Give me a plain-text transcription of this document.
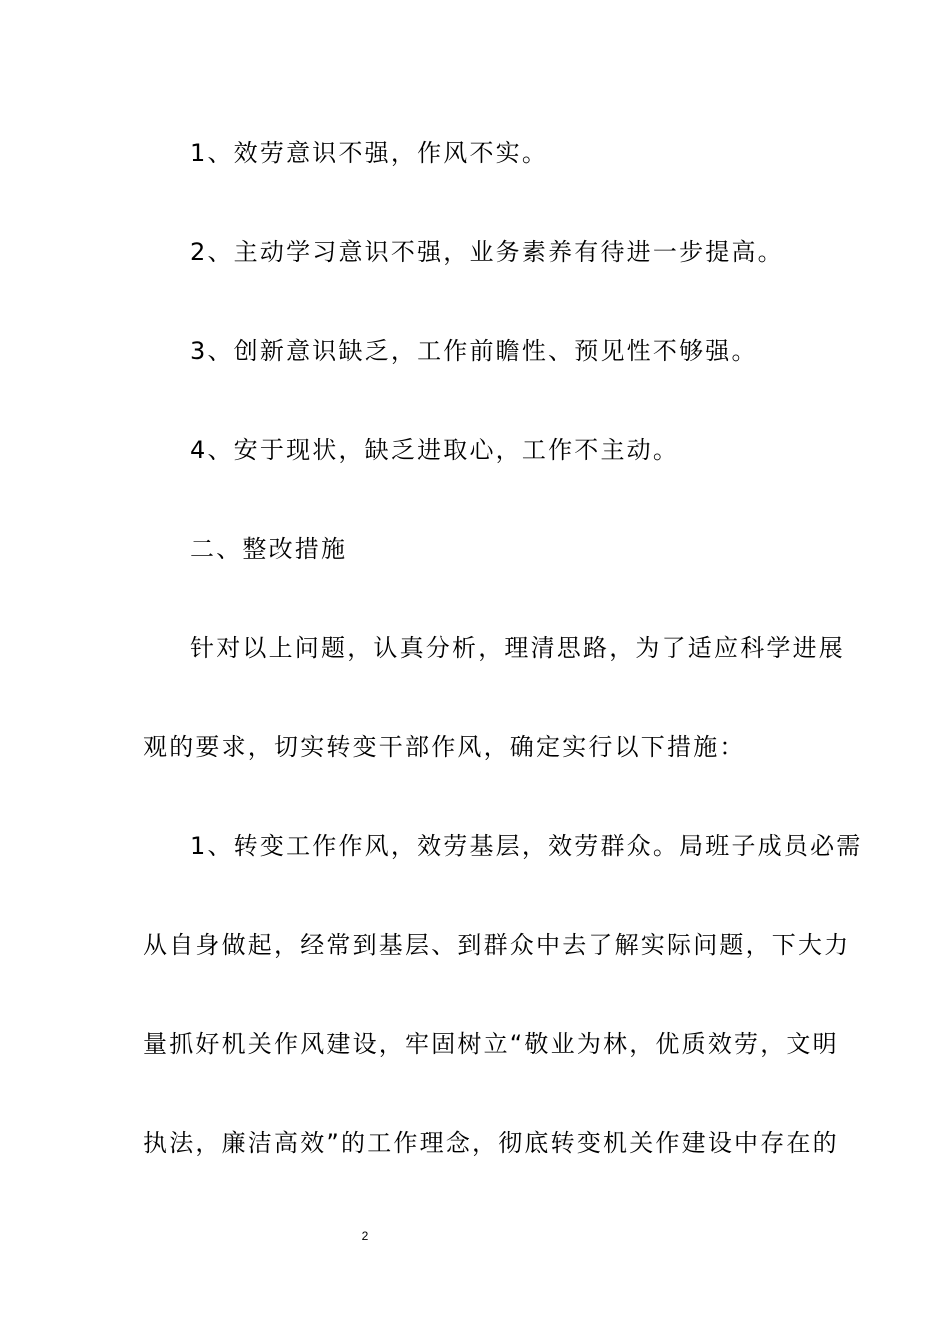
1、效劳意识不强，作风不实。
2、主动学习意识不强，业务素养有待进一步提高。
3、创新意识缺乏，工作前瞻性、预见性不够强。
4、安于现状，缺乏进取心，工作不主动。
二、整改措施
针对以上问题，认真分析，理清思路，为了适应科学进展
观的要求，切实转变干部作风，确定实行以下措施：
1、转变工作作风，效劳基层，效劳群众。局班子成员必需
从自身做起，经常到基层、到群众中去了解实际问题，下大力
量抓好机关作风建设，牢固树立“敬业为林，优质效劳，文明
执法，廉洁高效”的工作理念，彻底转变机关作建设中存在的
2
